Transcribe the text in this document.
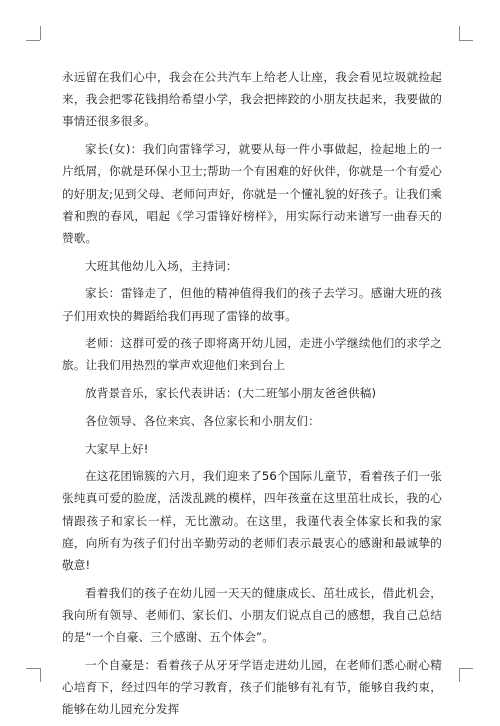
永远留在我们心中，我会在公共汽车上给老人让座，我会看见垃圾就捡起来，我会把零花钱捐给希望小学，我会把摔跤的小朋友扶起来，我要做的事情还很多很多。

家长(女)：我们向雷锋学习，就要从每一件小事做起，捡起地上的一片纸屑，你就是环保小卫士;帮助一个有困难的好伙伴，你就是一个有爱心的好朋友;见到父母、老师问声好，你就是一个懂礼貌的好孩子。让我们乘着和煦的春风，唱起《学习雷锋好榜样》，用实际行动来谱写一曲春天的赞歌。

大班其他幼儿入场，主持词：

家长：雷锋走了，但他的精神值得我们的孩子去学习。感谢大班的孩子们用欢快的舞蹈给我们再现了雷锋的故事。

老师：这群可爱的孩子即将离开幼儿园，走进小学继续他们的求学之旅。让我们用热烈的掌声欢迎他们来到台上

放背景音乐，家长代表讲话：(大二班邹小朋友爸爸供稿)

各位领导、各位来宾、各位家长和小朋友们：

大家早上好!

在这花团锦簇的六月，我们迎来了56个国际儿童节，看着孩子们一张张纯真可爱的脸庞，活泼乱跳的模样，四年孩童在这里茁壮成长，我的心情跟孩子和家长一样，无比激动。在这里，我谨代表全体家长和我的家庭，向所有为孩子们付出辛勤劳动的老师们表示最衷心的感谢和最诚挚的敬意!

看着我们的孩子在幼儿园一天天的健康成长、茁壮成长，借此机会，我向所有领导、老师们、家长们、小朋友们说点自己的感想，我自己总结的是“一个自豪、三个感谢、五个体会”。

一个自豪是：看着孩子从牙牙学语走进幼儿园，在老师们悉心耐心精心培育下，经过四年的学习教育，孩子们能够有礼有节，能够自我约束，能够在幼儿园充分发挥
